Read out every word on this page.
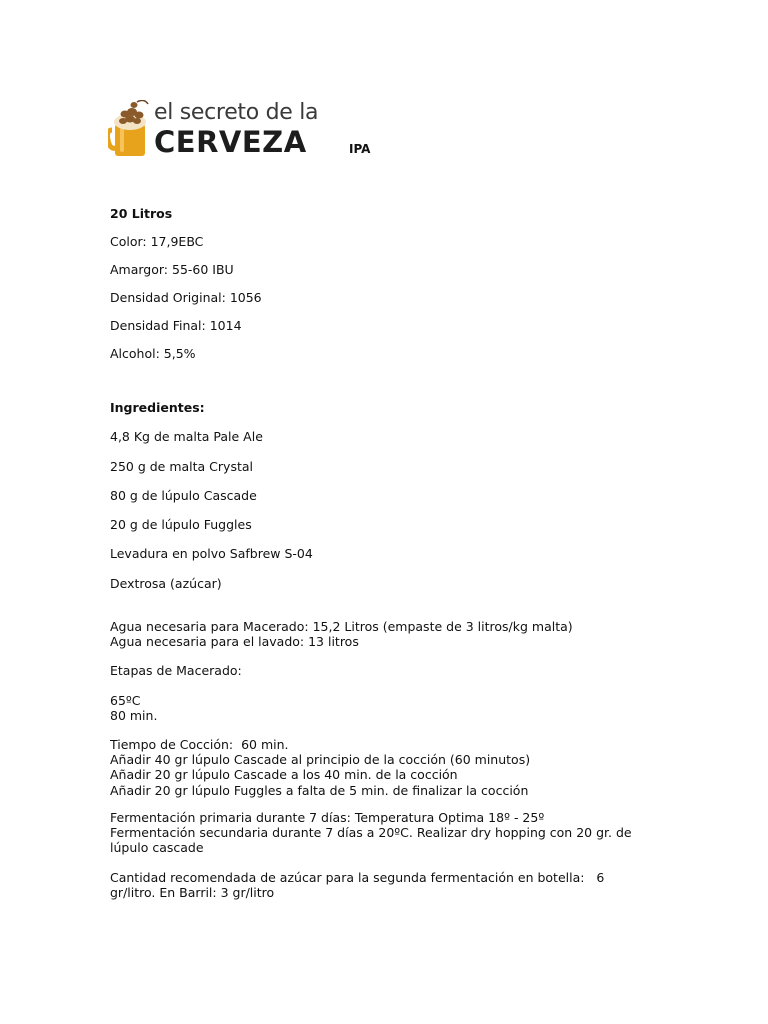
el secreto de la
CERVEZA	IPA
20 Litros
Color: 17,9EBC
Amargor: 55-60 IBU
Densidad Original: 1056
Densidad Final: 1014
Alcohol: 5,5%
Ingredientes:
4,8 Kg de malta Pale Ale
250 g de malta Crystal
80 g de lúpulo Cascade
20 g de lúpulo Fuggles
Levadura en polvo Safbrew S-04
Dextrosa (azúcar)
Agua necesaria para Macerado: 15,2 Litros (empaste de 3 litros/kg malta)
Agua necesaria para el lavado: 13 litros
Etapas de Macerado:
65ºC
80 min.
Tiempo de Cocción:  60 min.
Añadir 40 gr lúpulo Cascade al principio de la cocción (60 minutos)
Añadir 20 gr lúpulo Cascade a los 40 min. de la cocción
Añadir 20 gr lúpulo Fuggles a falta de 5 min. de finalizar la cocción
Fermentación primaria durante 7 días: Temperatura Optima 18º - 25º
Fermentación secundaria durante 7 días a 20ºC. Realizar dry hopping con 20 gr. de
lúpulo cascade
Cantidad recomendada de azúcar para la segunda fermentación en botella:   6
gr/litro. En Barril: 3 gr/litro
